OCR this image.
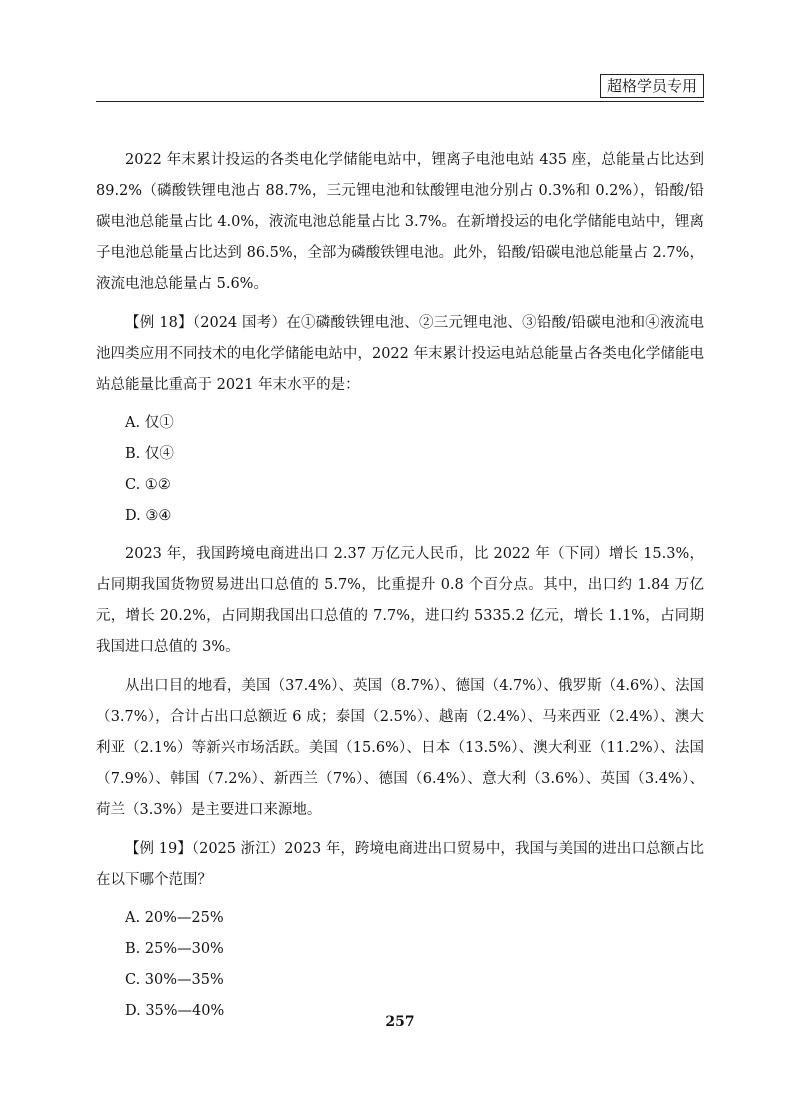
超格学员专用

2022 年末累计投运的各类电化学储能电站中，锂离子电池电站 435 座，总能量占比达到 89.2%（磷酸铁锂电池占 88.7%，三元锂电池和钛酸锂电池分别占 0.3%和 0.2%），铅酸/铅碳电池总能量占比 4.0%，液流电池总能量占比 3.7%。在新增投运的电化学储能电站中，锂离子电池总能量占比达到 86.5%，全部为磷酸铁锂电池。此外，铅酸/铅碳电池总能量占 2.7%，液流电池总能量占 5.6%。

【例 18】（2024 国考）在①磷酸铁锂电池、②三元锂电池、③铅酸/铅碳电池和④液流电池四类应用不同技术的电化学储能电站中，2022 年末累计投运电站总能量占各类电化学储能电站总能量比重高于 2021 年末水平的是：

A. 仅①
B. 仅④
C. ①②
D. ③④

2023 年，我国跨境电商进出口 2.37 万亿元人民币，比 2022 年（下同）增长 15.3%，占同期我国货物贸易进出口总值的 5.7%，比重提升 0.8 个百分点。其中，出口约 1.84 万亿元，增长 20.2%，占同期我国出口总值的 7.7%，进口约 5335.2 亿元，增长 1.1%，占同期我国进口总值的 3%。

从出口目的地看，美国（37.4%）、英国（8.7%）、德国（4.7%）、俄罗斯（4.6%）、法国（3.7%），合计占出口总额近 6 成；泰国（2.5%）、越南（2.4%）、马来西亚（2.4%）、澳大利亚（2.1%）等新兴市场活跃。美国（15.6%）、日本（13.5%）、澳大利亚（11.2%）、法国（7.9%）、韩国（7.2%）、新西兰（7%）、德国（6.4%）、意大利（3.6%）、英国（3.4%）、荷兰（3.3%）是主要进口来源地。

【例 19】（2025 浙江）2023 年，跨境电商进出口贸易中，我国与美国的进出口总额占比在以下哪个范围？

A. 20%—25%
B. 25%—30%
C. 30%—35%
D. 35%—40%
257
